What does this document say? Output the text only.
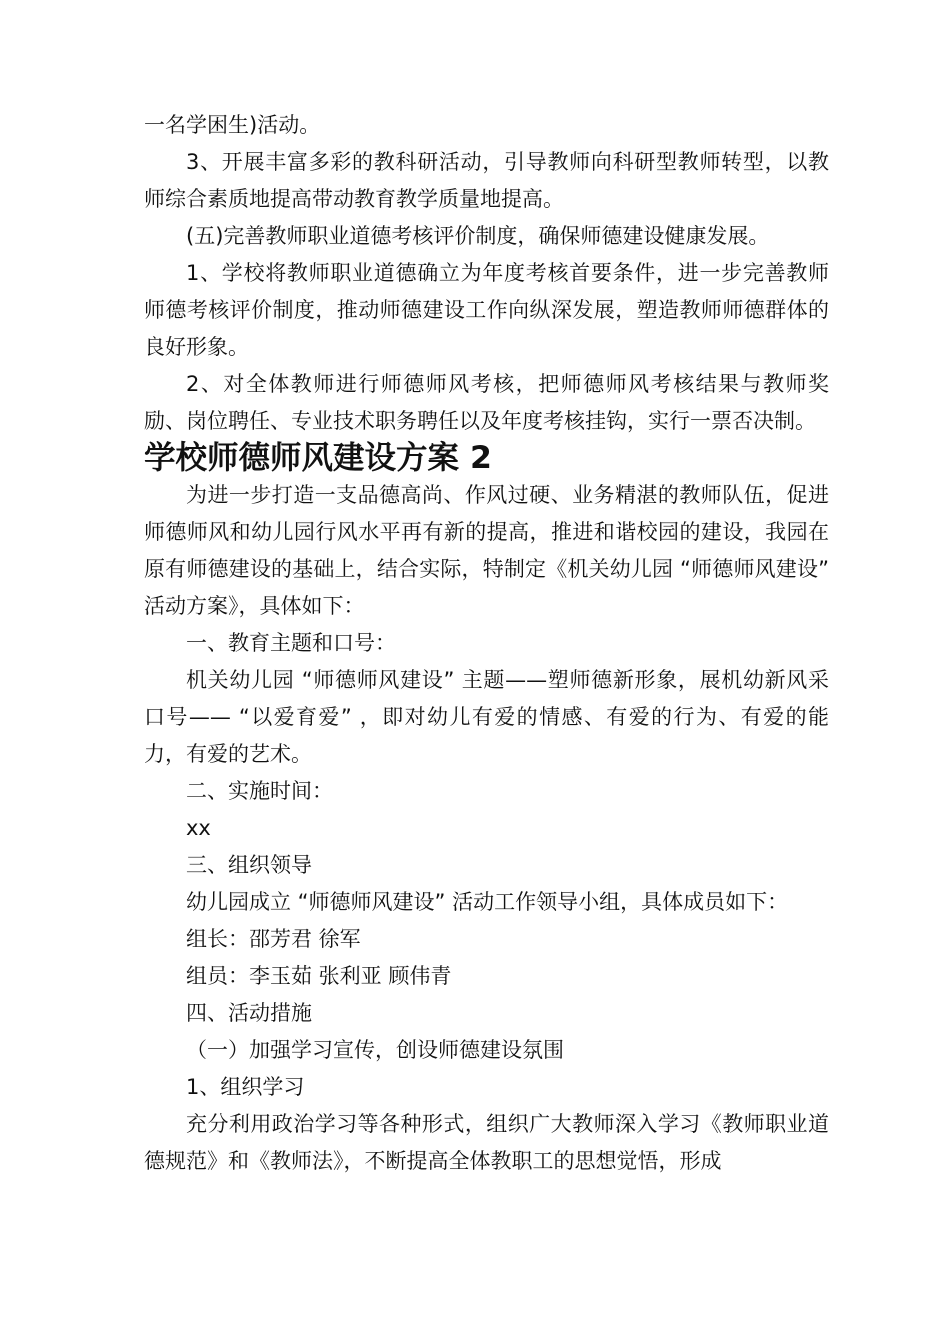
一名学困生)活动。

3、开展丰富多彩的教科研活动，引导教师向科研型教师转型，以教师综合素质地提高带动教育教学质量地提高。

(五)完善教师职业道德考核评价制度，确保师德建设健康发展。

1、学校将教师职业道德确立为年度考核首要条件，进一步完善教师师德考核评价制度，推动师德建设工作向纵深发展，塑造教师师德群体的良好形象。

2、对全体教师进行师德师风考核，把师德师风考核结果与教师奖励、岗位聘任、专业技术职务聘任以及年度考核挂钩，实行一票否决制。

学校师德师风建设方案 2

为进一步打造一支品德高尚、作风过硬、业务精湛的教师队伍，促进师德师风和幼儿园行风水平再有新的提高，推进和谐校园的建设，我园在原有师德建设的基础上，结合实际，特制定《机关幼儿园 “师德师风建设” 活动方案》，具体如下：

一、教育主题和口号：

机关幼儿园 “师德师风建设” 主题——塑师德新形象，展机幼新风采口号—— “以爱育爱” ，即对幼儿有爱的情感、有爱的行为、有爱的能力，有爱的艺术。

二、实施时间：

xx

三、组织领导

幼儿园成立 “师德师风建设” 活动工作领导小组，具体成员如下：

组长：邵芳君 徐军

组员：李玉茹 张利亚 顾伟青

四、活动措施

（一）加强学习宣传，创设师德建设氛围

1、组织学习

充分利用政治学习等各种形式，组织广大教师深入学习《教师职业道德规范》和《教师法》，不断提高全体教职工的思想觉悟，形成
